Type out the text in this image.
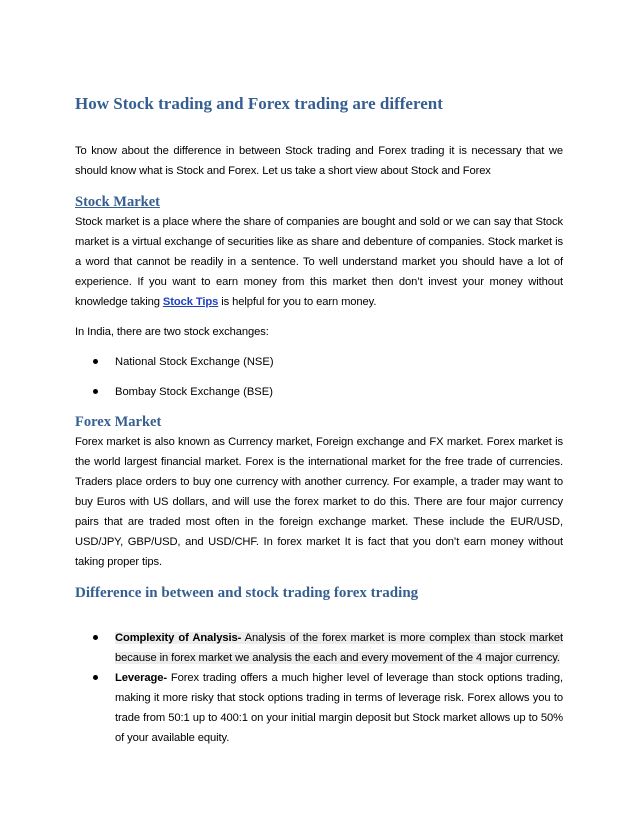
How Stock trading and Forex trading are different

To know about the difference in between Stock trading and Forex trading it is necessary that we should know what is Stock and Forex. Let us take a short view about Stock and Forex

Stock Market

Stock market is a place where the share of companies are bought and sold or we can say that Stock market is a virtual exchange of securities like as share and debenture of companies. Stock market is a word that cannot be readily in a sentence. To well understand market you should have a lot of experience. If you want to earn money from this market then don’t invest your money without knowledge taking Stock Tips is helpful for you to earn money.

In India, there are two stock exchanges:

National Stock Exchange (NSE)
Bombay Stock Exchange (BSE)
Forex Market

Forex market is also known as Currency market, Foreign exchange and FX market. Forex market is the world largest financial market. Forex is the international market for the free trade of currencies. Traders place orders to buy one currency with another currency. For example, a trader may want to buy Euros with US dollars, and will use the forex market to do this. There are four major currency pairs that are traded most often in the foreign exchange market. These include the EUR/USD, USD/JPY, GBP/USD, and USD/CHF. In forex market It is fact that you don’t earn money without taking proper tips.

Difference in between and stock trading forex trading
Complexity of Analysis- Analysis of the forex market is more complex than stock market because in forex market we analysis the each and every movement of the 4 major currency.
Leverage- Forex trading offers a much higher level of leverage than stock options trading, making it more risky that stock options trading in terms of leverage risk. Forex allows you to trade from 50:1 up to 400:1 on your initial margin deposit but Stock market allows up to 50% of your available equity.
